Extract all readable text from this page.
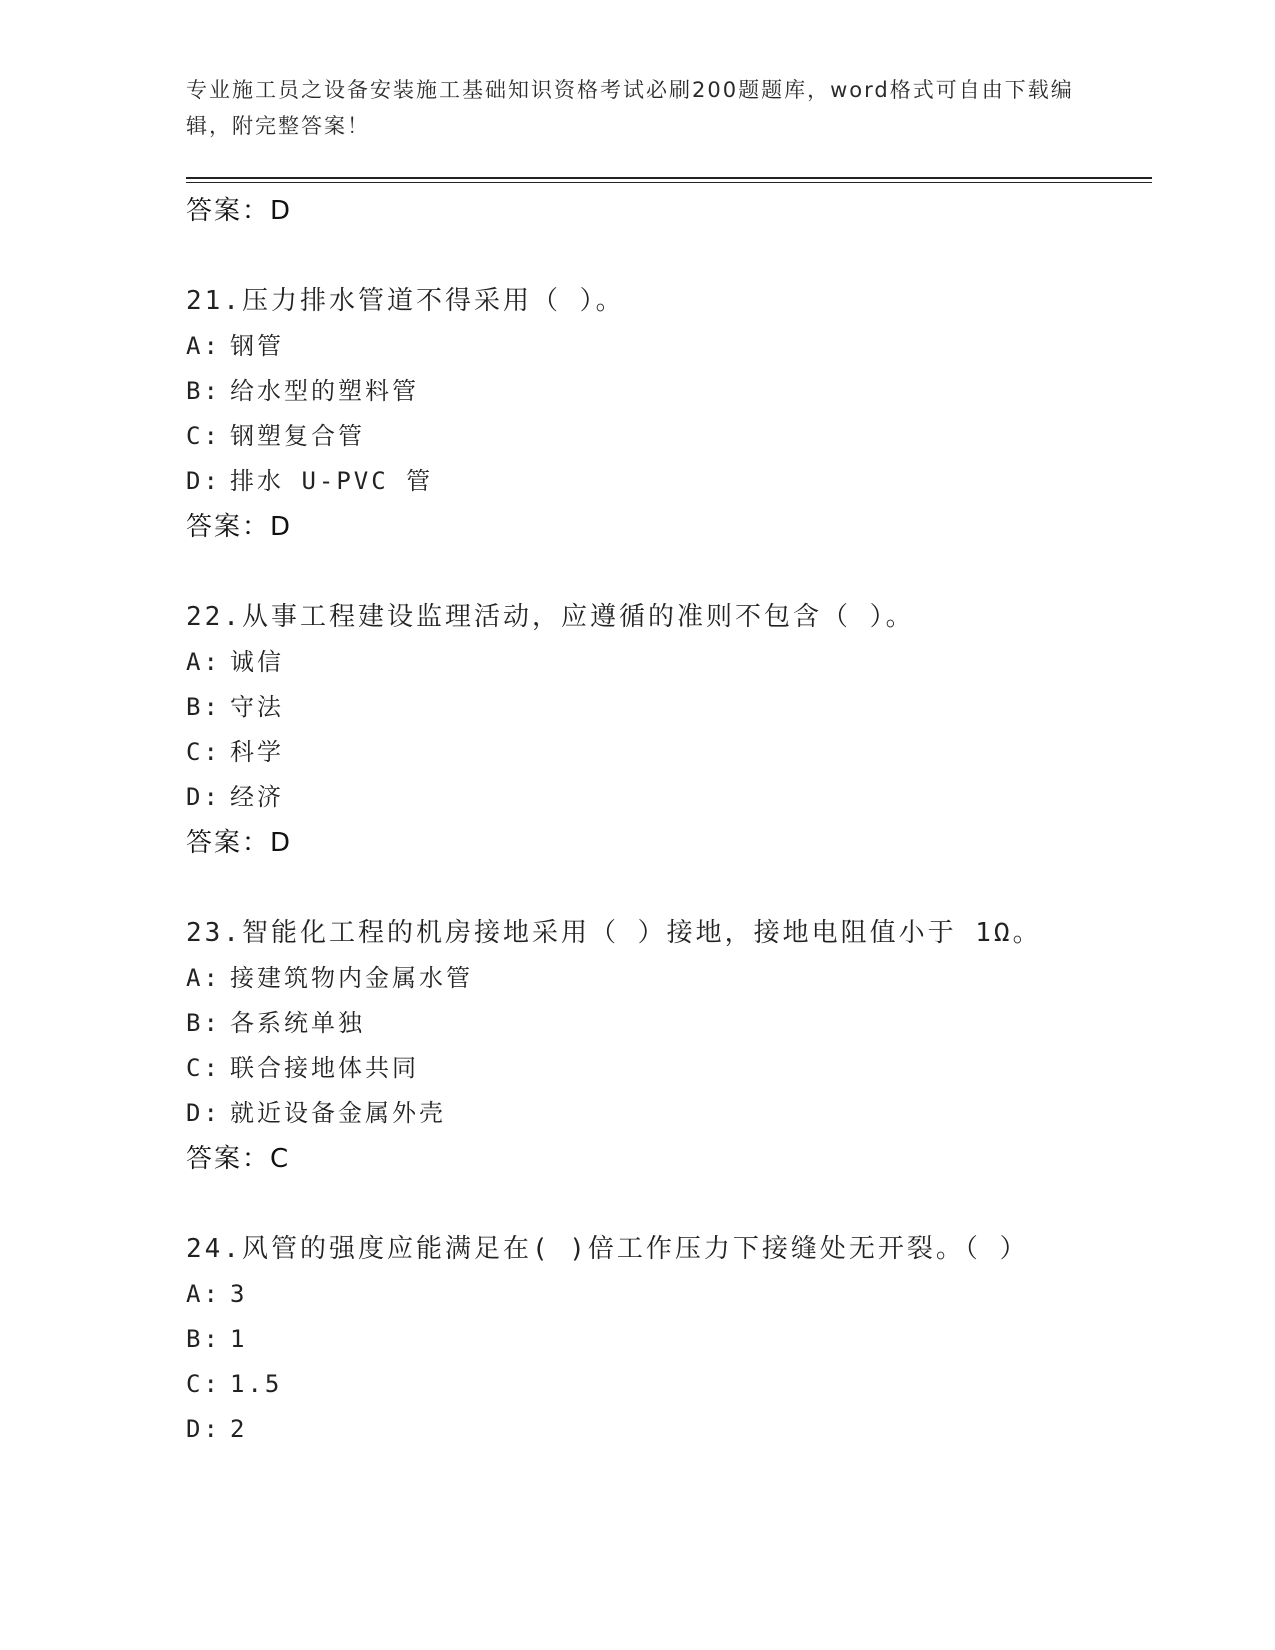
专业施工员之设备安装施工基础知识资格考试必刷200题题库，word格式可自由下载编辑，附完整答案！
答案：D
21.压力排水管道不得采用（ ）。
A: 钢管
B: 给水型的塑料管
C: 钢塑复合管
D: 排水 U-PVC 管
答案：D
22.从事工程建设监理活动，应遵循的准则不包含（ ）。
A: 诚信
B: 守法
C: 科学
D: 经济
答案：D
23.智能化工程的机房接地采用（ ）接地，接地电阻值小于 1Ω。
A: 接建筑物内金属水管
B: 各系统单独
C: 联合接地体共同
D: 就近设备金属外壳
答案：C
24.风管的强度应能满足在( )倍工作压力下接缝处无开裂。（ ）
A: 3
B: 1
C: 1.5
D: 2
